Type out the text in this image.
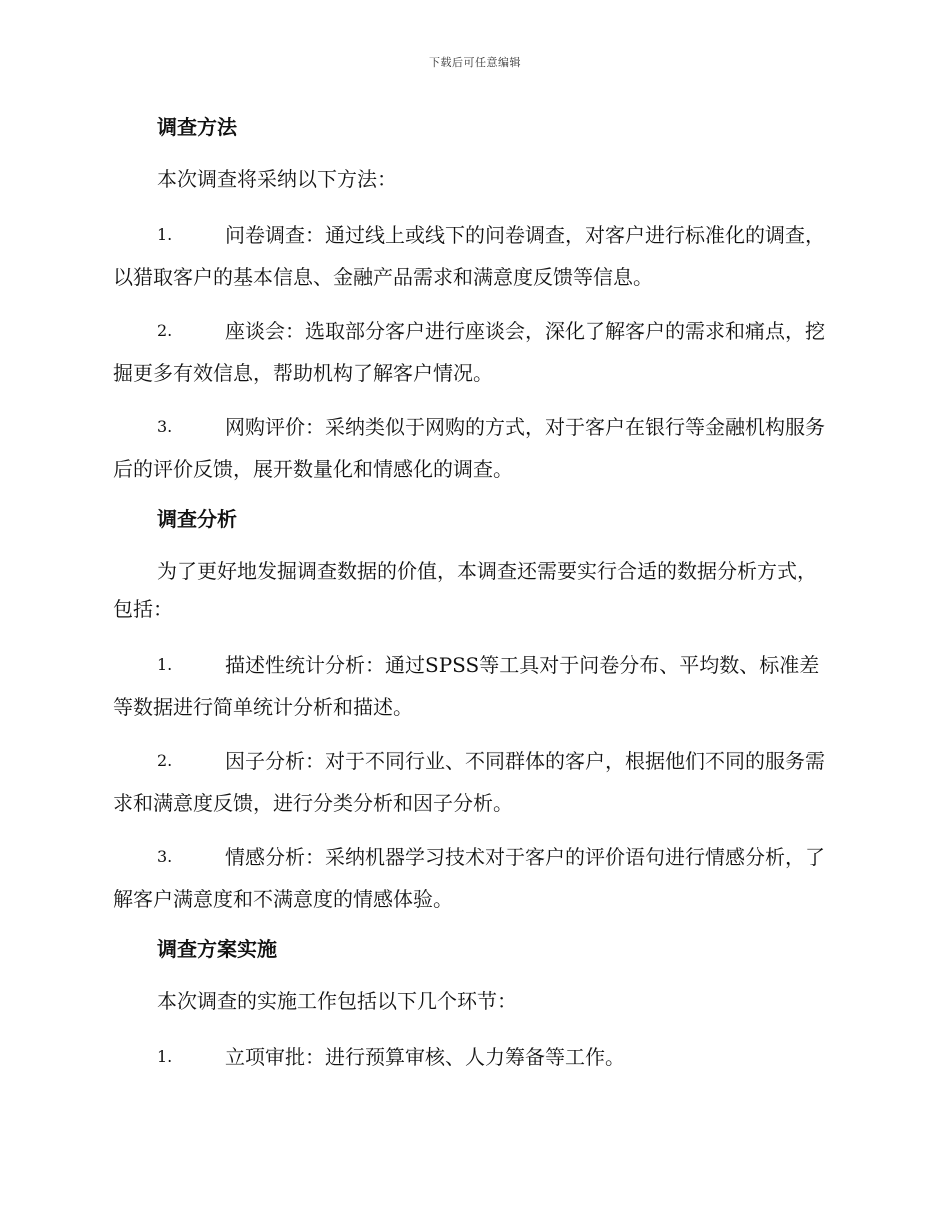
下载后可任意编辑
调查方法
本次调查将采纳以下方法：
1.	问卷调查：通过线上或线下的问卷调查，对客户进行标准化的调查，以猎取客户的基本信息、金融产品需求和满意度反馈等信息。
2.	座谈会：选取部分客户进行座谈会，深化了解客户的需求和痛点，挖掘更多有效信息，帮助机构了解客户情况。
3.	网购评价：采纳类似于网购的方式，对于客户在银行等金融机构服务后的评价反馈，展开数量化和情感化的调查。
调查分析
为了更好地发掘调查数据的价值，本调查还需要实行合适的数据分析方式，包括：
1.	描述性统计分析：通过SPSS等工具对于问卷分布、平均数、标准差等数据进行简单统计分析和描述。
2.	因子分析：对于不同行业、不同群体的客户，根据他们不同的服务需求和满意度反馈，进行分类分析和因子分析。
3.	情感分析：采纳机器学习技术对于客户的评价语句进行情感分析，了解客户满意度和不满意度的情感体验。
调查方案实施
本次调查的实施工作包括以下几个环节：
1.	立项审批：进行预算审核、人力筹备等工作。
